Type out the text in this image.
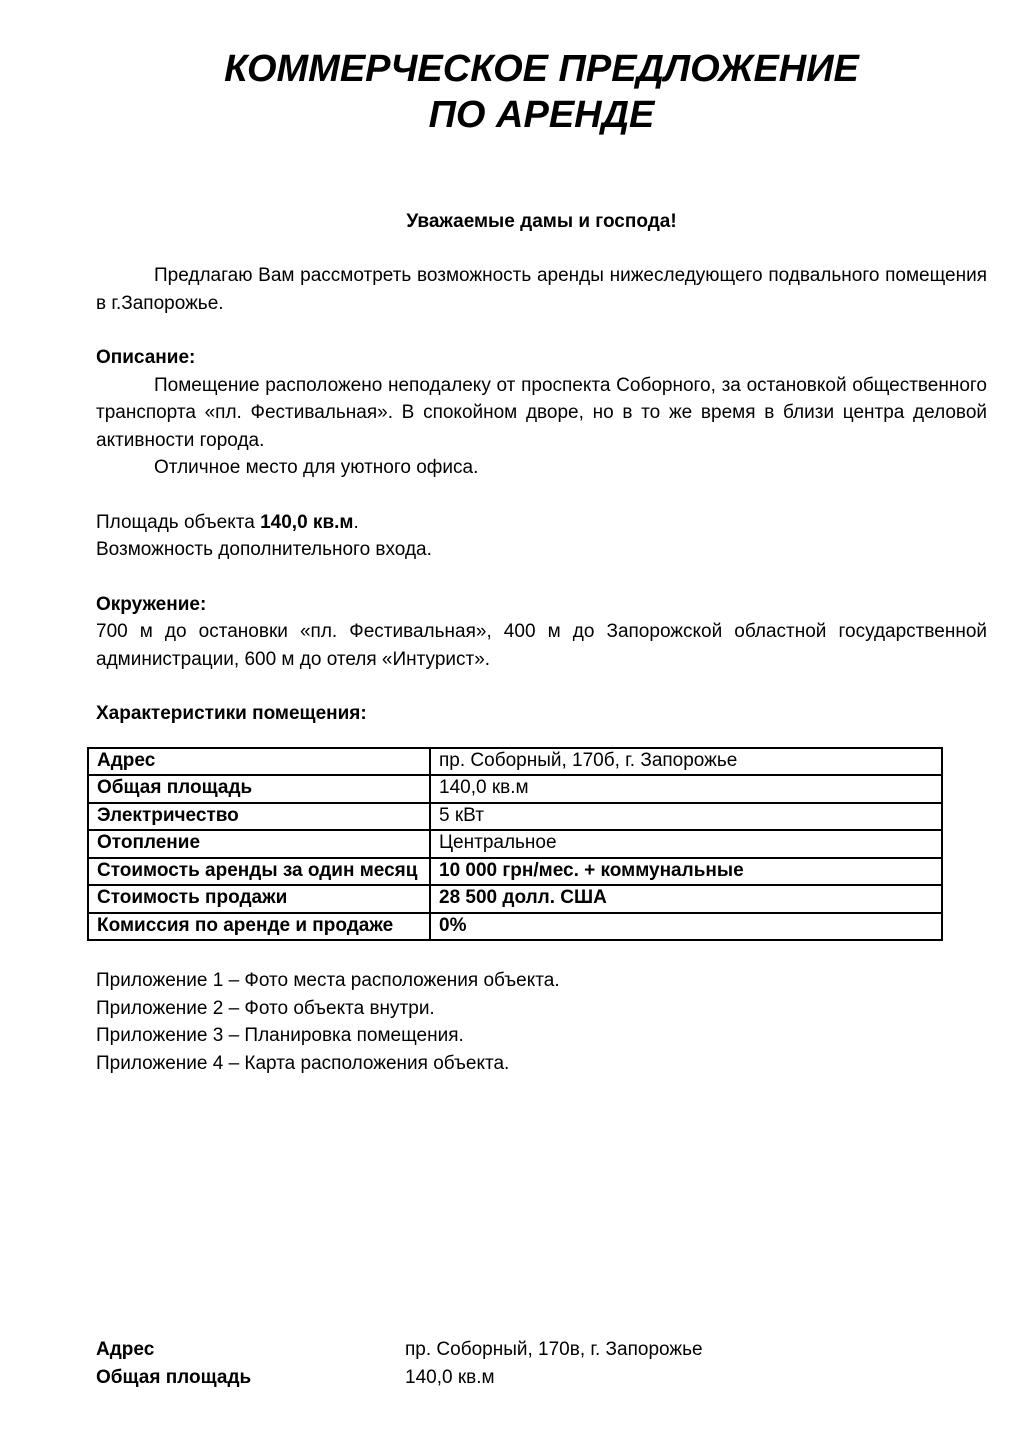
КОММЕРЧЕСКОЕ ПРЕДЛОЖЕНИЕ
ПО АРЕНДЕ
Уважаемые дамы и господа!

Предлагаю Вам рассмотреть возможность аренды нижеследующего подвального помещения в г.Запорожье.

Описание:

Помещение расположено неподалеку от проспекта Соборного, за остановкой общественного транспорта «пл. Фестивальная». В спокойном дворе, но в то же время в близи центра деловой активности города.

Отличное место для уютного офиса.

Площадь объекта 140,0 кв.м.

Возможность дополнительного входа.

Окружение:

700 м до остановки «пл. Фестивальная», 400 м до Запорожской областной государственной администрации, 600 м до отеля «Интурист».

Характеристики помещения:
Адрес	пр. Соборный, 170б, г. Запорожье
Общая площадь	140,0 кв.м
Электричество	5 кВт
Отопление	Центральное
Стоимость аренды за один месяц	10 000 грн/мес. + коммунальные
Стоимость продажи	28 500 долл. США
Комиссия по аренде и продаже	0%
Приложение 1 – Фото места расположения объекта.
Приложение 2 – Фото объекта внутри.
Приложение 3 – Планировка помещения.
Приложение 4 – Карта расположения объекта.
Адрес	пр. Соборный, 170в, г. Запорожье
Общая площадь	140,0 кв.м
